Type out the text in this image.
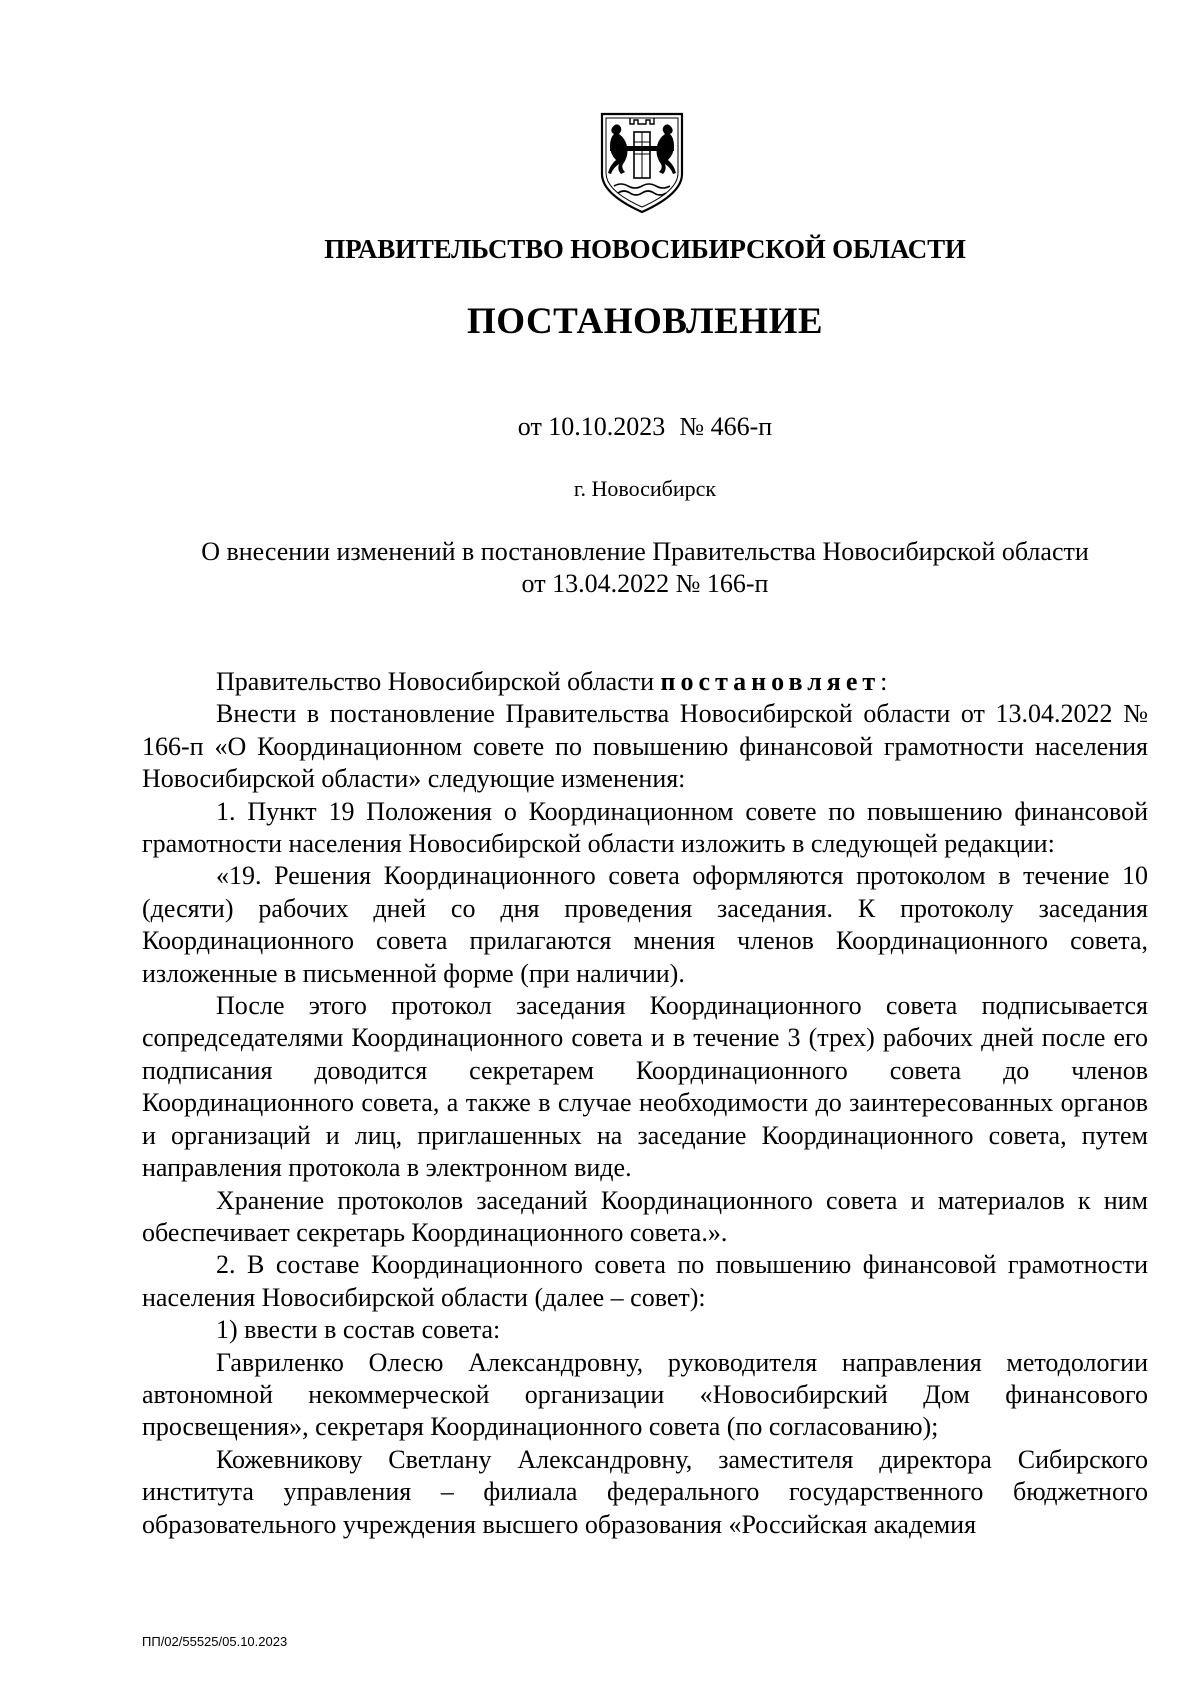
ПРАВИТЕЛЬСТВО НОВОСИБИРСКОЙ ОБЛАСТИ
ПОСТАНОВЛЕНИЕ
от 10.10.2023 № 466-п
г. Новосибирск
О внесении изменений в постановление Правительства Новосибирской области
от 13.04.2022 № 166-п

Правительство Новосибирской области постановляет:

Внести в постановление Правительства Новосибирской области от 13.04.2022 № 166-п «О Координационном совете по повышению финансовой грамотности населения Новосибирской области» следующие изменения:

1. Пункт 19 Положения о Координационном совете по повышению финансовой грамотности населения Новосибирской области изложить в следующей редакции:

«19. Решения Координационного совета оформляются протоколом в течение 10 (десяти) рабочих дней со дня проведения заседания. К протоколу заседания Координационного совета прилагаются мнения членов Координационного совета, изложенные в письменной форме (при наличии).

После этого протокол заседания Координационного совета подписывается сопредседателями Координационного совета и в течение 3 (трех) рабочих дней после его подписания доводится секретарем Координационного совета до членов Координационного совета, а также в случае необходимости до заинтересованных органов и организаций и лиц, приглашенных на заседание Координационного совета, путем направления протокола в электронном виде.

Хранение протоколов заседаний Координационного совета и материалов к ним обеспечивает секретарь Координационного совета.».

2. В составе Координационного совета по повышению финансовой грамотности населения Новосибирской области (далее – совет):

1) ввести в состав совета:

Гавриленко Олесю Александровну, руководителя направления методологии автономной некоммерческой организации «Новосибирский Дом финансового просвещения», секретаря Координационного совета (по согласованию);

Кожевникову Светлану Александровну, заместителя директора Сибирского института управления – филиала федерального государственного бюджетного образовательного учреждения высшего образования «Российская академия

ПП/02/55525/05.10.2023
